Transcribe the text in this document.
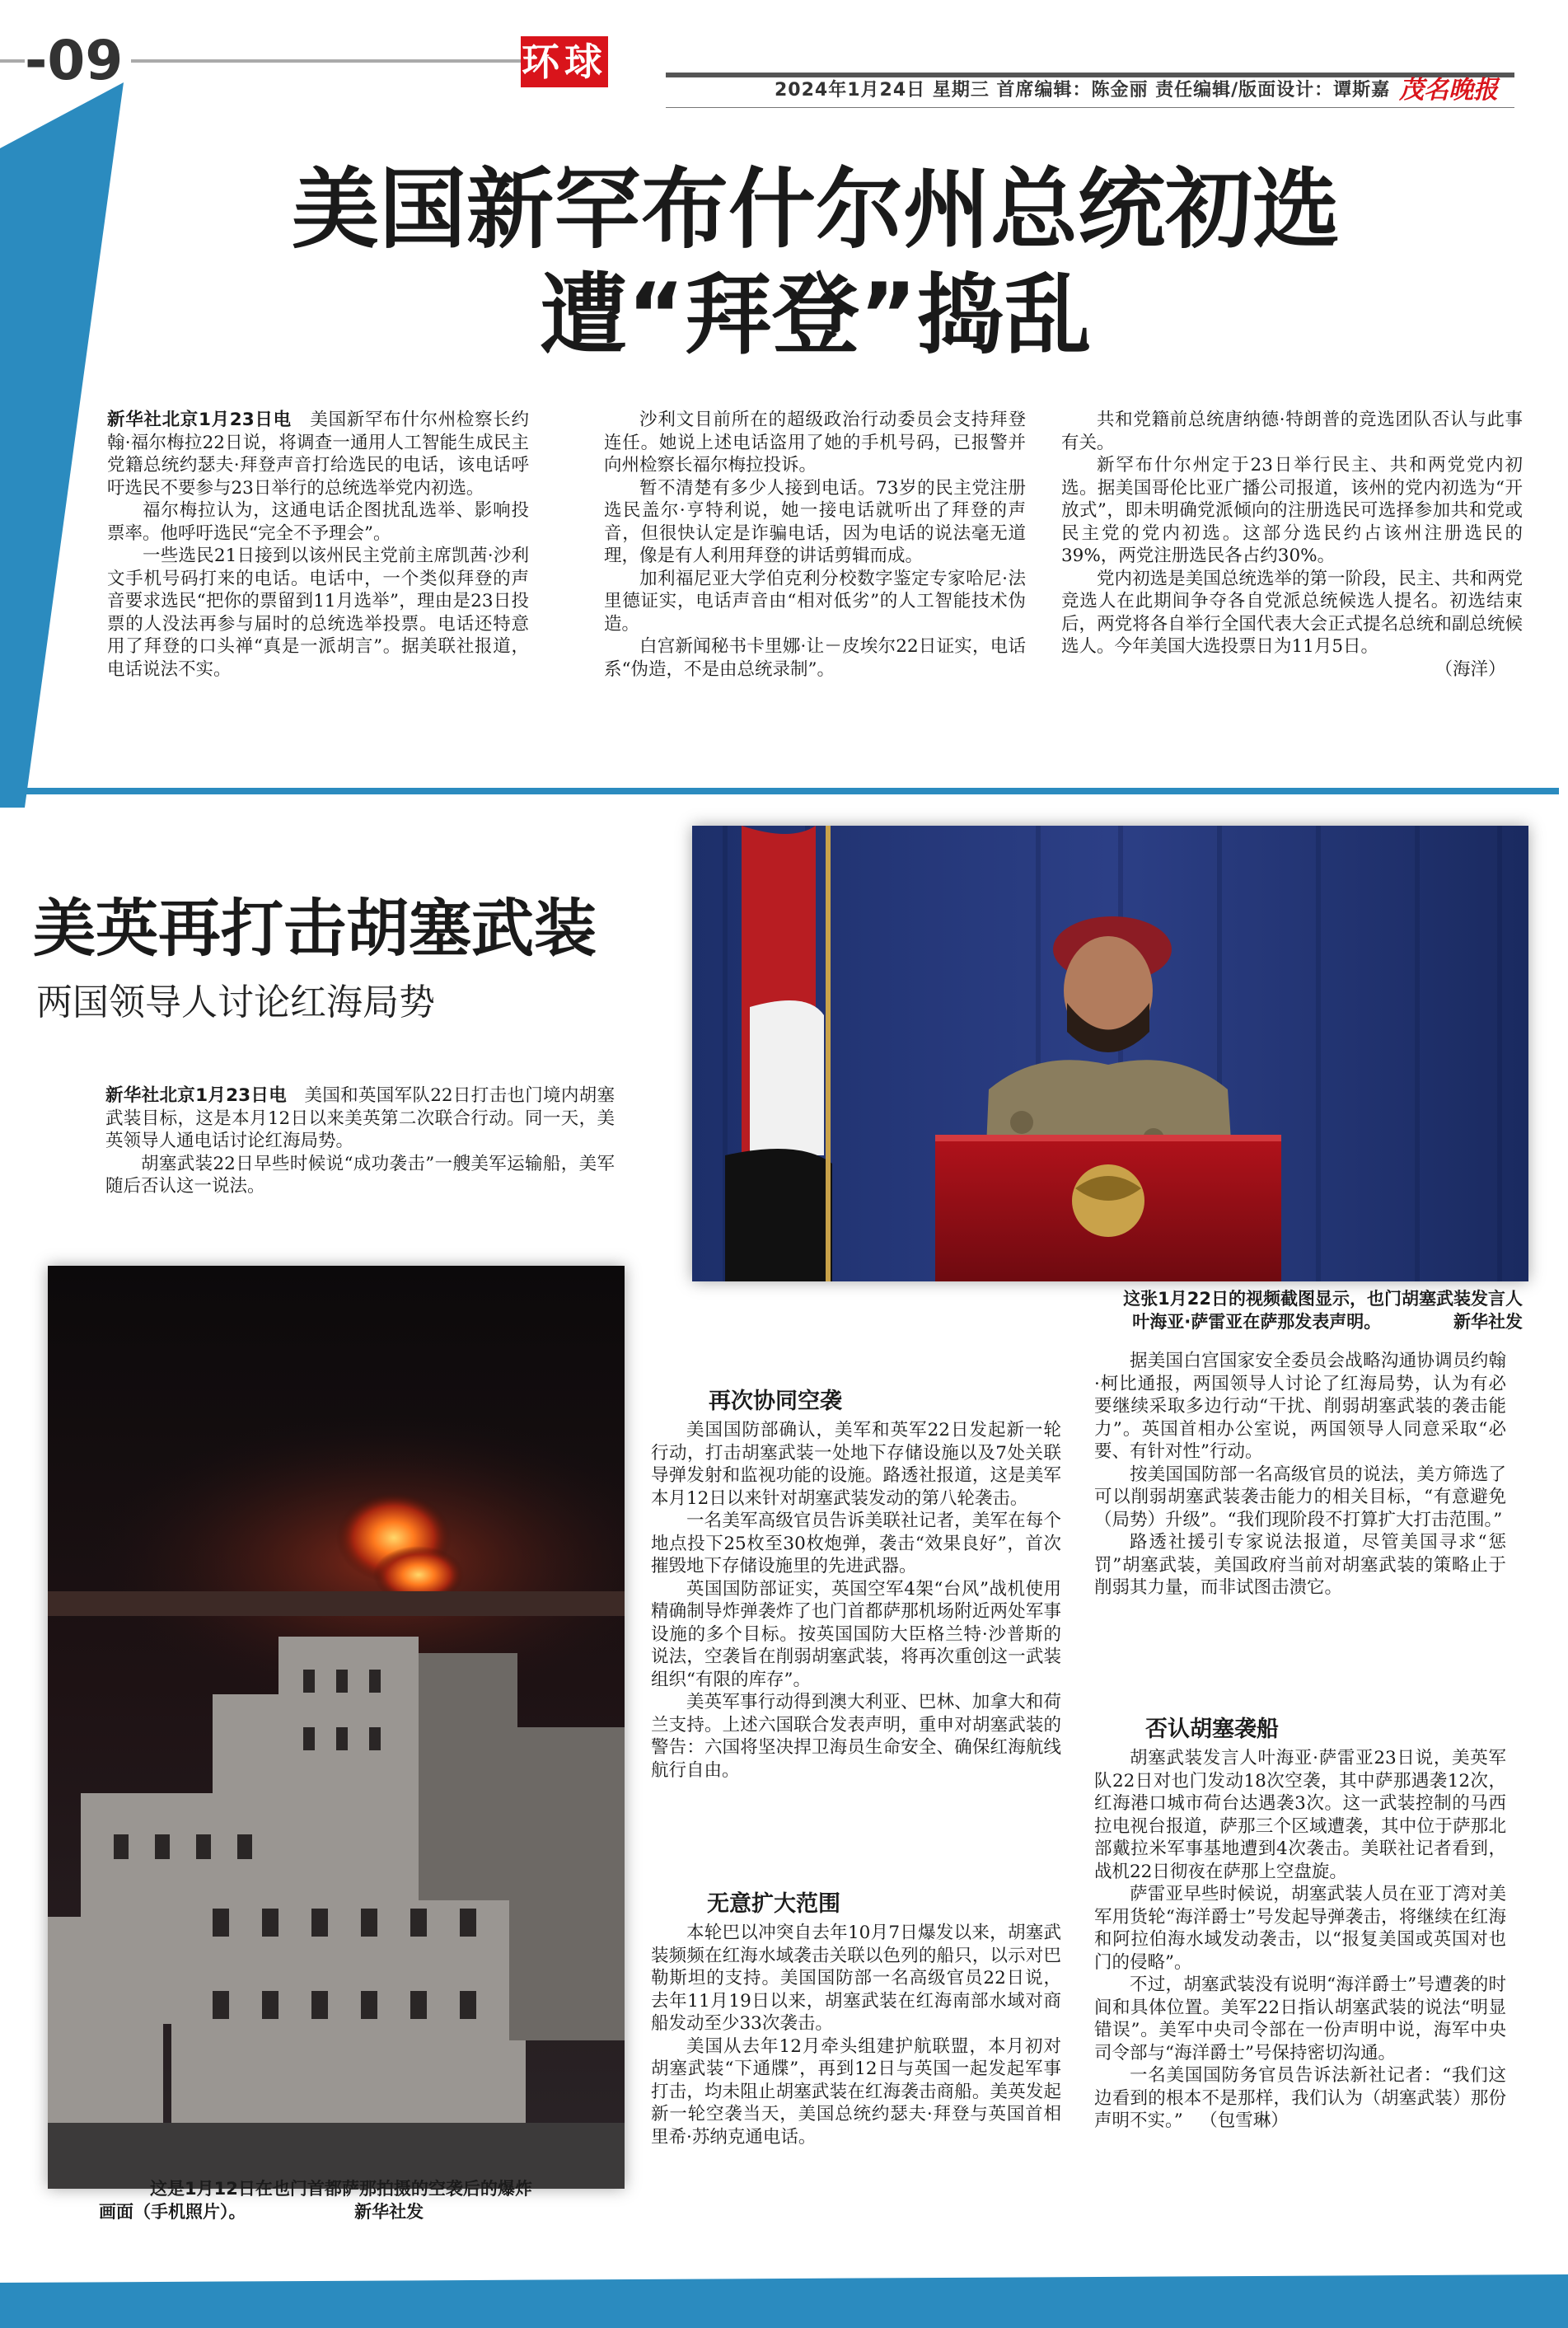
-09	环球
2024年1月24日 星期三 首席编辑：陈金丽 责任编辑/版面设计：谭斯嘉 茂名晚报
美国新罕布什尔州总统初选
遭“拜登”捣乱

新华社北京1月23日电 美国新罕布什尔州检察长约翰·福尔梅拉22日说，将调查一通用人工智能生成民主党籍总统约瑟夫·拜登声音打给选民的电话，该电话呼吁选民不要参与23日举行的总统选举党内初选。

福尔梅拉认为，这通电话企图扰乱选举、影响投票率。他呼吁选民“完全不予理会”。

一些选民21日接到以该州民主党前主席凯茜·沙利文手机号码打来的电话。电话中，一个类似拜登的声音要求选民“把你的票留到11月选举”，理由是23日投票的人没法再参与届时的总统选举投票。电话还特意用了拜登的口头禅“真是一派胡言”。据美联社报道，电话说法不实。

沙利文目前所在的超级政治行动委员会支持拜登连任。她说上述电话盗用了她的手机号码，已报警并向州检察长福尔梅拉投诉。

暂不清楚有多少人接到电话。73岁的民主党注册选民盖尔·亨特利说，她一接电话就听出了拜登的声音，但很快认定是诈骗电话，因为电话的说法毫无道理，像是有人利用拜登的讲话剪辑而成。

加利福尼亚大学伯克利分校数字鉴定专家哈尼·法里德证实，电话声音由“相对低劣”的人工智能技术伪造。

白宫新闻秘书卡里娜·让－皮埃尔22日证实，电话系“伪造，不是由总统录制”。

共和党籍前总统唐纳德·特朗普的竞选团队否认与此事有关。

新罕布什尔州定于23日举行民主、共和两党党内初选。据美国哥伦比亚广播公司报道，该州的党内初选为“开放式”，即未明确党派倾向的注册选民可选择参加共和党或民主党的党内初选。这部分选民约占该州注册选民的39%，两党注册选民各占约30%。

党内初选是美国总统选举的第一阶段，民主、共和两党竞选人在此期间争夺各自党派总统候选人提名。初选结束后，两党将各自举行全国代表大会正式提名总统和副总统候选人。今年美国大选投票日为11月5日。

（海洋）

美英再打击胡塞武装
两国领导人讨论红海局势

新华社北京1月23日电 美国和英国军队22日打击也门境内胡塞武装目标，这是本月12日以来美英第二次联合行动。同一天，美英领导人通电话讨论红海局势。

胡塞武装22日早些时候说“成功袭击”一艘美军运输船，美军随后否认这一说法。

这张1月22日的视频截图显示，也门胡塞武装发言人
叶海亚·萨雷亚在萨那发表声明。	新华社发
这是1月12日在也门首都萨那拍摄的空袭后的爆炸
画面（手机照片）。	新华社发
再次协同空袭

美国国防部确认，美军和英军22日发起新一轮行动，打击胡塞武装一处地下存储设施以及7处关联导弹发射和监视功能的设施。路透社报道，这是美军本月12日以来针对胡塞武装发动的第八轮袭击。

一名美军高级官员告诉美联社记者，美军在每个地点投下25枚至30枚炮弹，袭击“效果良好”，首次摧毁地下存储设施里的先进武器。

英国国防部证实，英国空军4架“台风”战机使用精确制导炸弹袭炸了也门首都萨那机场附近两处军事设施的多个目标。按英国国防大臣格兰特·沙普斯的说法，空袭旨在削弱胡塞武装，将再次重创这一武装组织“有限的库存”。

美英军事行动得到澳大利亚、巴林、加拿大和荷兰支持。上述六国联合发表声明，重申对胡塞武装的警告：六国将坚决捍卫海员生命安全、确保红海航线航行自由。

无意扩大范围

本轮巴以冲突自去年10月7日爆发以来，胡塞武装频频在红海水域袭击关联以色列的船只，以示对巴勒斯坦的支持。美国国防部一名高级官员22日说，去年11月19日以来，胡塞武装在红海南部水域对商船发动至少33次袭击。

美国从去年12月牵头组建护航联盟，本月初对胡塞武装“下通牒”，再到12日与英国一起发起军事打击，均未阻止胡塞武装在红海袭击商船。美英发起新一轮空袭当天，美国总统约瑟夫·拜登与英国首相里希·苏纳克通电话。

据美国白宫国家安全委员会战略沟通协调员约翰·柯比通报，两国领导人讨论了红海局势，认为有必要继续采取多边行动“干扰、削弱胡塞武装的袭击能力”。英国首相办公室说，两国领导人同意采取“必要、有针对性”行动。

按美国国防部一名高级官员的说法，美方筛选了可以削弱胡塞武装袭击能力的相关目标，“有意避免（局势）升级”。“我们现阶段不打算扩大打击范围。”

路透社援引专家说法报道，尽管美国寻求“惩罚”胡塞武装，美国政府当前对胡塞武装的策略止于削弱其力量，而非试图击溃它。

否认胡塞袭船

胡塞武装发言人叶海亚·萨雷亚23日说，美英军队22日对也门发动18次空袭，其中萨那遇袭12次，红海港口城市荷台达遇袭3次。这一武装控制的马西拉电视台报道，萨那三个区域遭袭，其中位于萨那北部戴拉米军事基地遭到4次袭击。美联社记者看到，战机22日彻夜在萨那上空盘旋。

萨雷亚早些时候说，胡塞武装人员在亚丁湾对美军用货轮“海洋爵士”号发起导弹袭击，将继续在红海和阿拉伯海水域发动袭击，以“报复美国或英国对也门的侵略”。

不过，胡塞武装没有说明“海洋爵士”号遭袭的时间和具体位置。美军22日指认胡塞武装的说法“明显错误”。美军中央司令部在一份声明中说，海军中央司令部与“海洋爵士”号保持密切沟通。

一名美国国防务官员告诉法新社记者：“我们这边看到的根本不是那样，我们认为（胡塞武装）那份声明不实。” （包雪琳）
